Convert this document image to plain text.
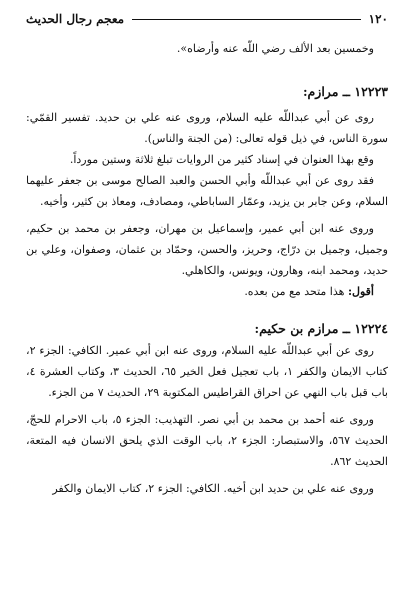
١٢٠
معجم رجال الحديث

وخمسين بعد الألف رضي اللّه عنه وأرضاه».

١٢٢٢٣ ــ مرازم:

روى عن أبي عبداللّه عليه السلام، وروى عنه علي بن حديد. تفسير القمّي: سورة الناس، في ذيل قوله تعالى: (من الجنة والناس).

وقع بهذا العنوان في إسناد كثير من الروايات تبلغ ثلاثة وستين مورداً.

فقد روى عن أبي عبداللّه وأبي الحسن والعبد الصالح موسى بن جعفر عليهما السلام، وعن جابر بن يزيد، وعمّار الساباطي، ومصادف، ومعاذ بن كثير، وأخيه.

وروى عنه ابن أبي عمير، وإسماعيل بن مهران، وجعفر بن محمد بن حكيم، وجميل، وجميل بن درّاج، وحريز، والحسن، وحمّاد بن عثمان، وصفوان، وعلي بن حديد، ومحمد ابنه، وهارون، ويونس، والكاهلي.

أقول: هذا متحد مع من بعده.

١٢٢٢٤ ــ مرازم بن حكيم:

روى عن أبي عبداللّه عليه السلام، وروى عنه ابن أبي عمير. الكافي: الجزء ٢، كتاب الايمان والكفر ١، باب تعجيل فعل الخير ٦٥، الحديث ٣، وكتاب العشرة ٤، باب قبل باب النهي عن احراق القراطيس المكتوبة ٢٩، الحديث ٧ من الجزء.

وروى عنه أحمد بن محمد بن أبي نصر. التهذيب: الجزء ٥، باب الاحرام للحجّ، الحديث ٥٦٧، والاستبصار: الجزء ٢، باب الوقت الذي يلحق الانسان فيه المتعة، الحديث ٨٦٢.

وروى عنه علي بن حديد ابن أخيه. الكافي: الجزء ٢، كتاب الايمان والكفر
